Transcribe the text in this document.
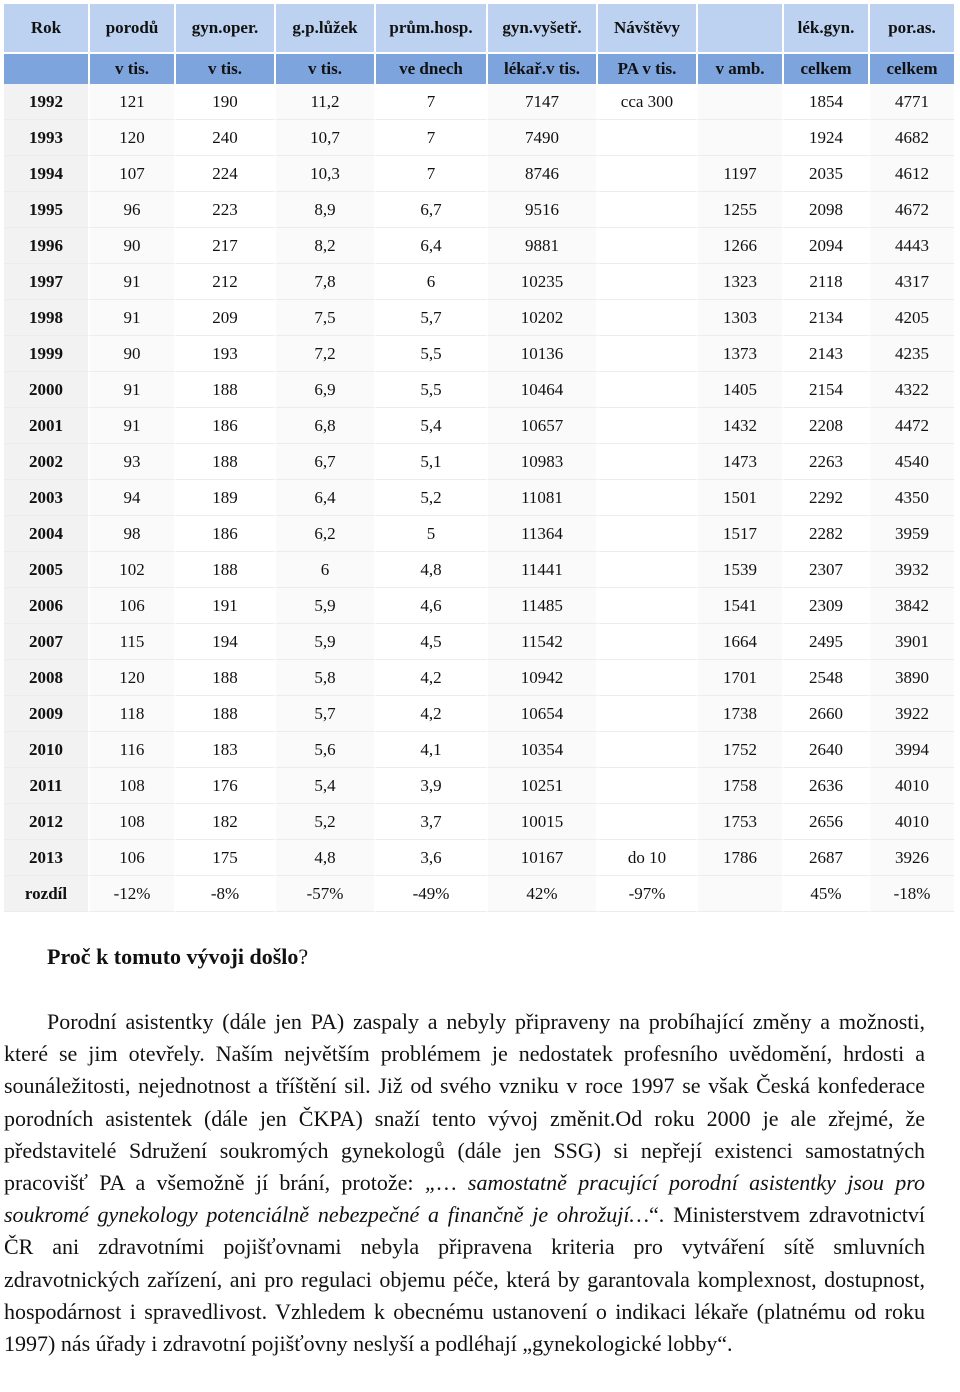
Rok	porodů	gyn.oper.	g.p.lůžek	prům.hosp.	gyn.vyšetř.	Návštěvy		lék.gyn.	por.as.
	v tis.	v tis.	v tis.	ve dnech	lékař.v tis.	PA v tis.	v amb.	celkem	celkem
1992	121	190	11,2	7	7147	cca 300		1854	4771
1993	120	240	10,7	7	7490			1924	4682
1994	107	224	10,3	7	8746		1197	2035	4612
1995	96	223	8,9	6,7	9516		1255	2098	4672
1996	90	217	8,2	6,4	9881		1266	2094	4443
1997	91	212	7,8	6	10235		1323	2118	4317
1998	91	209	7,5	5,7	10202		1303	2134	4205
1999	90	193	7,2	5,5	10136		1373	2143	4235
2000	91	188	6,9	5,5	10464		1405	2154	4322
2001	91	186	6,8	5,4	10657		1432	2208	4472
2002	93	188	6,7	5,1	10983		1473	2263	4540
2003	94	189	6,4	5,2	11081		1501	2292	4350
2004	98	186	6,2	5	11364		1517	2282	3959
2005	102	188	6	4,8	11441		1539	2307	3932
2006	106	191	5,9	4,6	11485		1541	2309	3842
2007	115	194	5,9	4,5	11542		1664	2495	3901
2008	120	188	5,8	4,2	10942		1701	2548	3890
2009	118	188	5,7	4,2	10654		1738	2660	3922
2010	116	183	5,6	4,1	10354		1752	2640	3994
2011	108	176	5,4	3,9	10251		1758	2636	4010
2012	108	182	5,2	3,7	10015		1753	2656	4010
2013	106	175	4,8	3,6	10167	do 10	1786	2687	3926
rozdíl	-12%	-8%	-57%	-49%	42%	-97%		45%	-18%
Proč k tomuto vývoji došlo?
Porodní asistentky (dále jen PA) zaspaly a nebyly připraveny na probíhající změny a možnosti, které se jim otevřely. Naším největším problémem je nedostatek profesního uvědomění, hrdosti a sounáležitosti, nejednotnost a tříštění sil. Již od svého vzniku v roce 1997 se však Česká konfederace porodních asistentek (dále jen ČKPA) snaží tento vývoj změnit.Od roku 2000 je ale zřejmé, že představitelé Sdružení soukromých gynekologů (dále jen SSG) si nepřejí existenci samostatných pracovišť PA a všemožně jí brání, protože: „… samostatně pracující porodní asistentky jsou pro soukromé gynekology potenciálně nebezpečné a finančně je ohrožují…“. Ministerstvem zdravotnictví ČR ani zdravotními pojišťovnami nebyla připravena kriteria pro vytváření sítě smluvních zdravotnických zařízení, ani pro regulaci objemu péče, která by garantovala komplexnost, dostupnost, hospodárnost i spravedlivost. Vzhledem k obecnému ustanovení o indikaci lékaře (platnému od roku 1997) nás úřady i zdravotní pojišťovny neslyší a podléhají „gynekologické lobby“.
